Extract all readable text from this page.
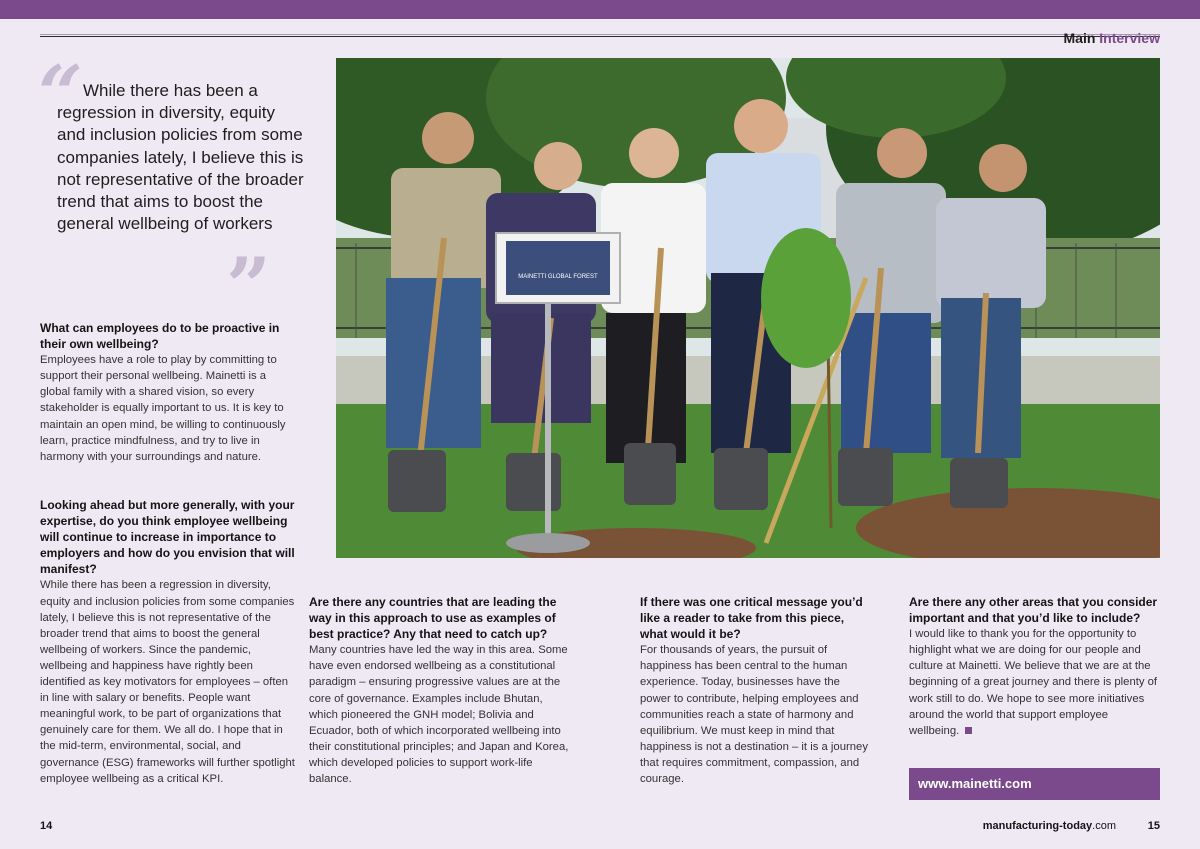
Main Interview
“ While there has been a regression in diversity, equity and inclusion policies from some companies lately, I believe this is not representative of the broader trend that aims to boost the general wellbeing of workers
”	MAINETTI GLOBAL FOREST
What can employees do to be proactive in their own wellbeing?

Employees have a role to play by committing to support their personal wellbeing. Mainetti is a global family with a shared vision, so every stakeholder is equally important to us. It is key to maintain an open mind, be willing to continuously learn, practice mindfulness, and try to live in harmony with your surroundings and nature.

Looking ahead but more generally, with your expertise, do you think employee wellbeing will continue to increase in importance to employers and how do you envision that will manifest?

While there has been a regression in diversity, equity and inclusion policies from some companies lately, I believe this is not representative of the broader trend that aims to boost the general wellbeing of workers. Since the pandemic, wellbeing and happiness have rightly been identified as key motivators for employees – often in line with salary or benefits. People want meaningful work, to be part of organizations that genuinely care for them. We all do. I hope that in the mid-term, environmental, social, and governance (ESG) frameworks will further spotlight employee wellbeing as a critical KPI.

Are there any countries that are leading the way in this approach to use as examples of best practice? Any that need to catch up?

Many countries have led the way in this area. Some have even endorsed wellbeing as a constitutional paradigm – ensuring progressive values are at the core of governance. Examples include Bhutan, which pioneered the GNH model; Bolivia and Ecuador, both of which incorporated wellbeing into their constitutional principles; and Japan and Korea, which developed policies to support work-life balance.

If there was one critical message you’d like a reader to take from this piece, what would it be?

For thousands of years, the pursuit of happiness has been central to the human experience. Today, businesses have the power to contribute, helping employees and communities reach a state of harmony and equilibrium. We must keep in mind that happiness is not a destination – it is a journey that requires commitment, compassion, and courage.

Are there any other areas that you consider important and that you’d like to include?

I would like to thank you for the opportunity to highlight what we are doing for our people and culture at Mainetti. We believe that we are at the beginning of a great journey and there is plenty of work still to do. We hope to see more initiatives around the world that support employee wellbeing.

www.mainetti.com
14	manufacturing-today.com	15
